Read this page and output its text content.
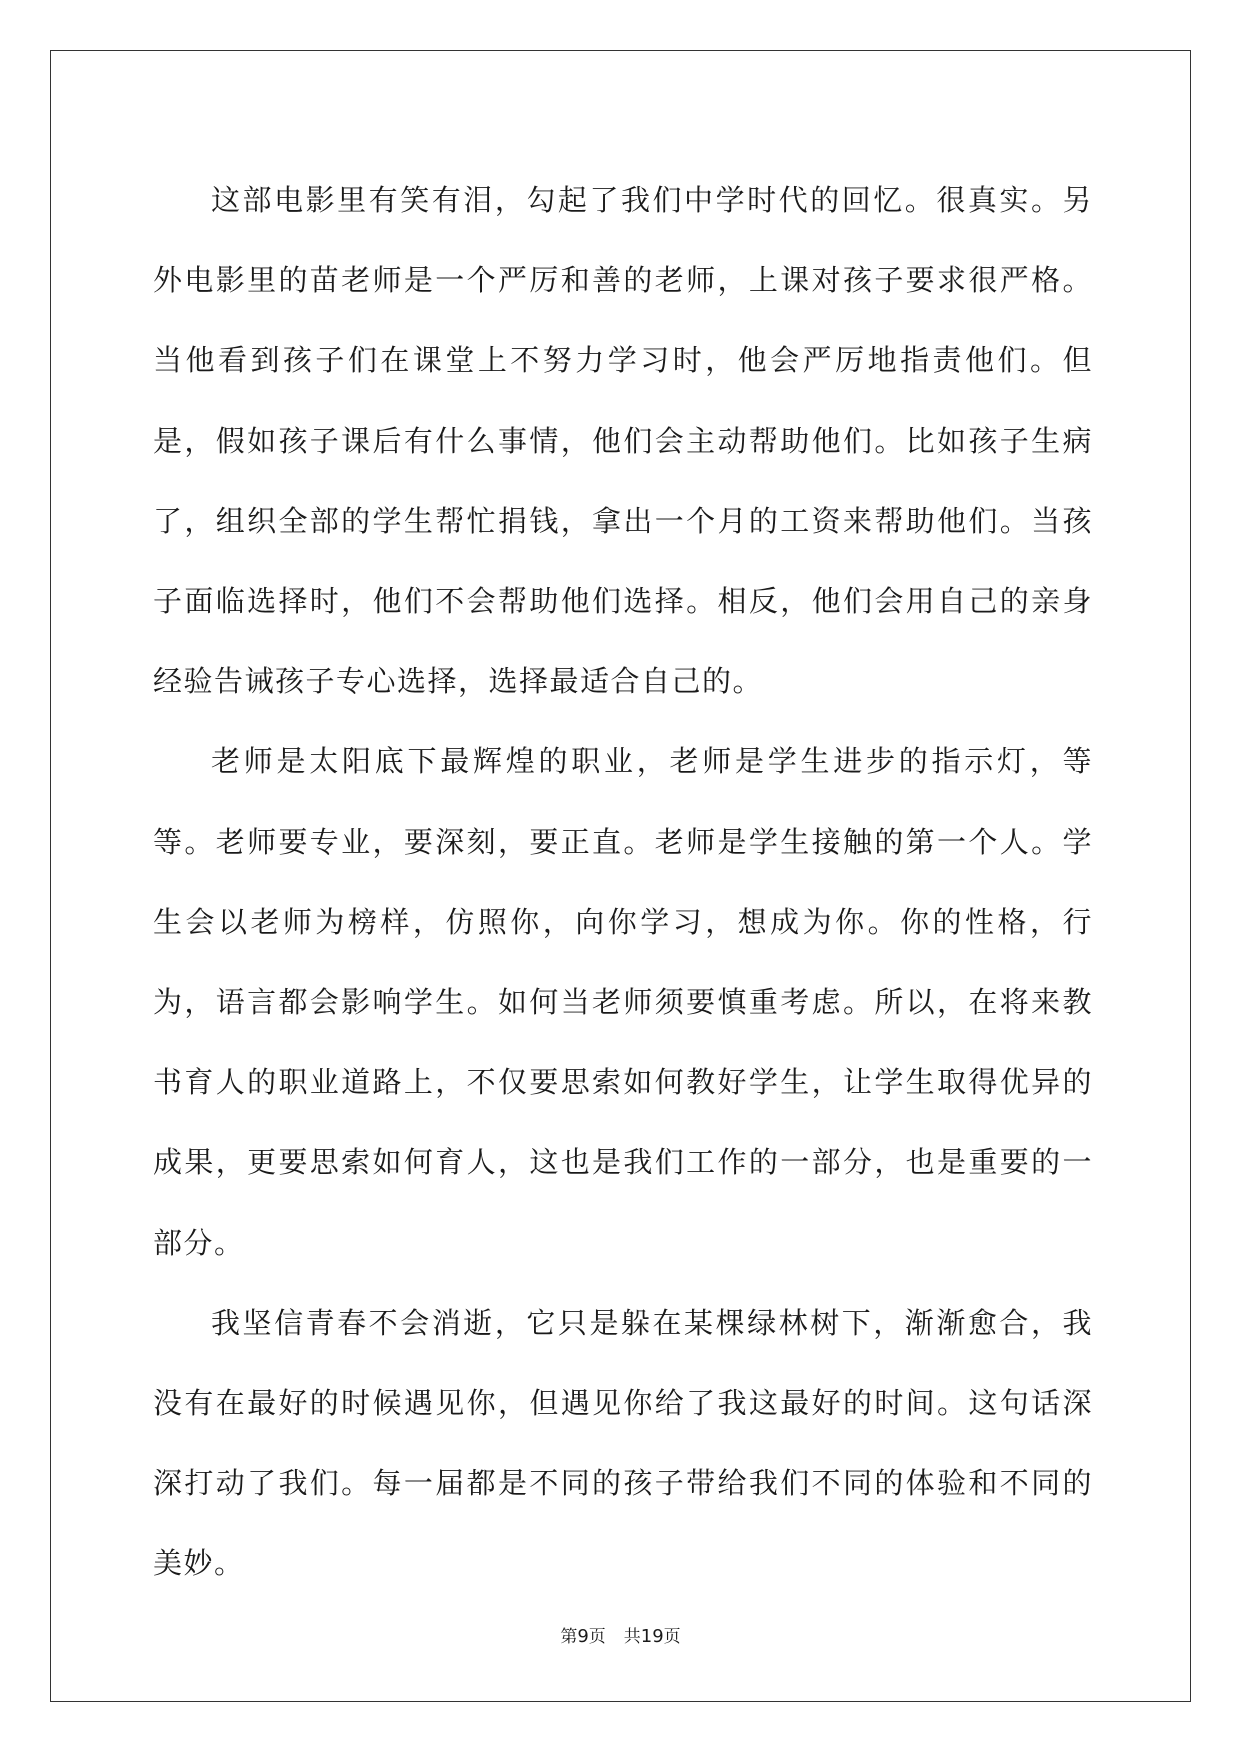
这部电影里有笑有泪，勾起了我们中学时代的回忆。很真实。另外电影里的苗老师是一个严厉和善的老师，上课对孩子要求很严格。当他看到孩子们在课堂上不努力学习时，他会严厉地指责他们。但是，假如孩子课后有什么事情，他们会主动帮助他们。比如孩子生病了，组织全部的学生帮忙捐钱，拿出一个月的工资来帮助他们。当孩子面临选择时，他们不会帮助他们选择。相反，他们会用自己的亲身经验告诫孩子专心选择，选择最适合自己的。

老师是太阳底下最辉煌的职业，老师是学生进步的指示灯，等等。老师要专业，要深刻，要正直。老师是学生接触的第一个人。学生会以老师为榜样，仿照你，向你学习，想成为你。你的性格，行为，语言都会影响学生。如何当老师须要慎重考虑。所以，在将来教书育人的职业道路上，不仅要思索如何教好学生，让学生取得优异的成果，更要思索如何育人，这也是我们工作的一部分，也是重要的一部分。

我坚信青春不会消逝，它只是躲在某棵绿林树下，渐渐愈合，我没有在最好的时候遇见你，但遇见你给了我这最好的时间。这句话深深打动了我们。每一届都是不同的孩子带给我们不同的体验和不同的美妙。

第9页 共19页
